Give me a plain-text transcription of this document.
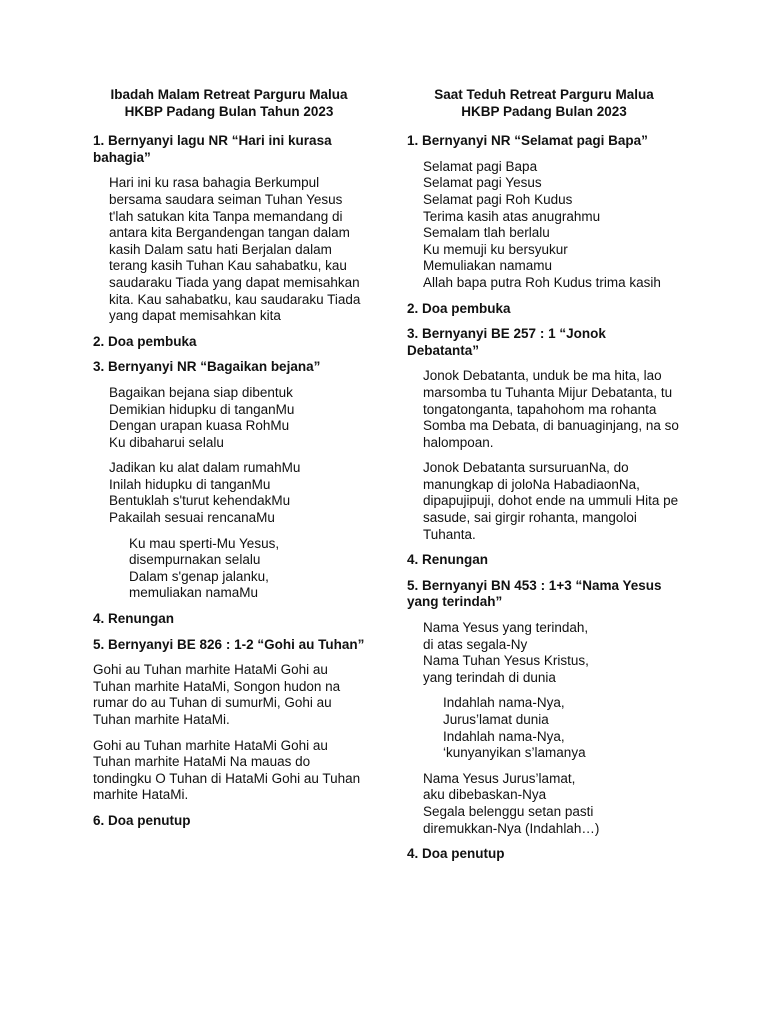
Ibadah Malam Retreat Parguru Malua
HKBP Padang Bulan Tahun 2023
1. Bernyanyi lagu NR “Hari ini kurasa bahagia”
Hari ini ku rasa bahagia Berkumpul bersama saudara seiman Tuhan Yesus t'lah satukan kita Tanpa memandang di antara kita Bergandengan tangan dalam kasih Dalam satu hati Berjalan dalam terang kasih Tuhan Kau sahabatku, kau saudaraku Tiada yang dapat memisahkan kita. Kau sahabatku, kau saudaraku Tiada yang dapat memisahkan kita
2. Doa pembuka
3. Bernyanyi NR “Bagaikan bejana”
Bagaikan bejana siap dibentuk
Demikian hidupku di tanganMu
Dengan urapan kuasa RohMu
Ku dibaharui selalu
Jadikan ku alat dalam rumahMu
Inilah hidupku di tanganMu
Bentuklah s'turut kehendakMu
Pakailah sesuai rencanaMu
Ku mau sperti-Mu Yesus,
disempurnakan selalu
Dalam s'genap jalanku,
memuliakan namaMu
4. Renungan
5. Bernyanyi BE 826 : 1-2 “Gohi au Tuhan”
Gohi au Tuhan marhite HataMi Gohi au Tuhan marhite HataMi, Songon hudon na rumar do au Tuhan di sumurMi, Gohi au Tuhan marhite HataMi.
Gohi au Tuhan marhite HataMi Gohi au Tuhan marhite HataMi Na mauas do tondingku O Tuhan di HataMi Gohi au Tuhan marhite HataMi.
6. Doa penutup
Saat Teduh Retreat Parguru Malua
HKBP Padang Bulan 2023
1. Bernyanyi NR “Selamat pagi Bapa”
Selamat pagi Bapa
Selamat pagi Yesus
Selamat pagi Roh Kudus
Terima kasih atas anugrahmu
Semalam tlah berlalu
Ku memuji ku bersyukur
Memuliakan namamu
Allah bapa putra Roh Kudus trima kasih
2. Doa pembuka
3. Bernyanyi BE 257 : 1 “Jonok Debatanta”
Jonok Debatanta, unduk be ma hita, lao marsomba tu Tuhanta Mijur Debatanta, tu tongatonganta, tapahohom ma rohanta Somba ma Debata, di banuaginjang, na so halompoan.
Jonok Debatanta sursuruanNa, do manungkap di joloNa HabadiaonNa, dipapujipuji, dohot ende na ummuli Hita pe sasude, sai girgir rohanta, mangoloi Tuhanta.
4. Renungan
5. Bernyanyi BN 453 : 1+3 “Nama Yesus yang terindah”
Nama Yesus yang terindah,
di atas segala-Ny
Nama Tuhan Yesus Kristus,
yang terindah di dunia
Indahlah nama-Nya,
Jurus’lamat dunia
Indahlah nama-Nya,
‘kunyanyikan s’lamanya
Nama Yesus Jurus’lamat,
aku dibebaskan-Nya
Segala belenggu setan pasti
diremukkan-Nya (Indahlah…)
4. Doa penutup
